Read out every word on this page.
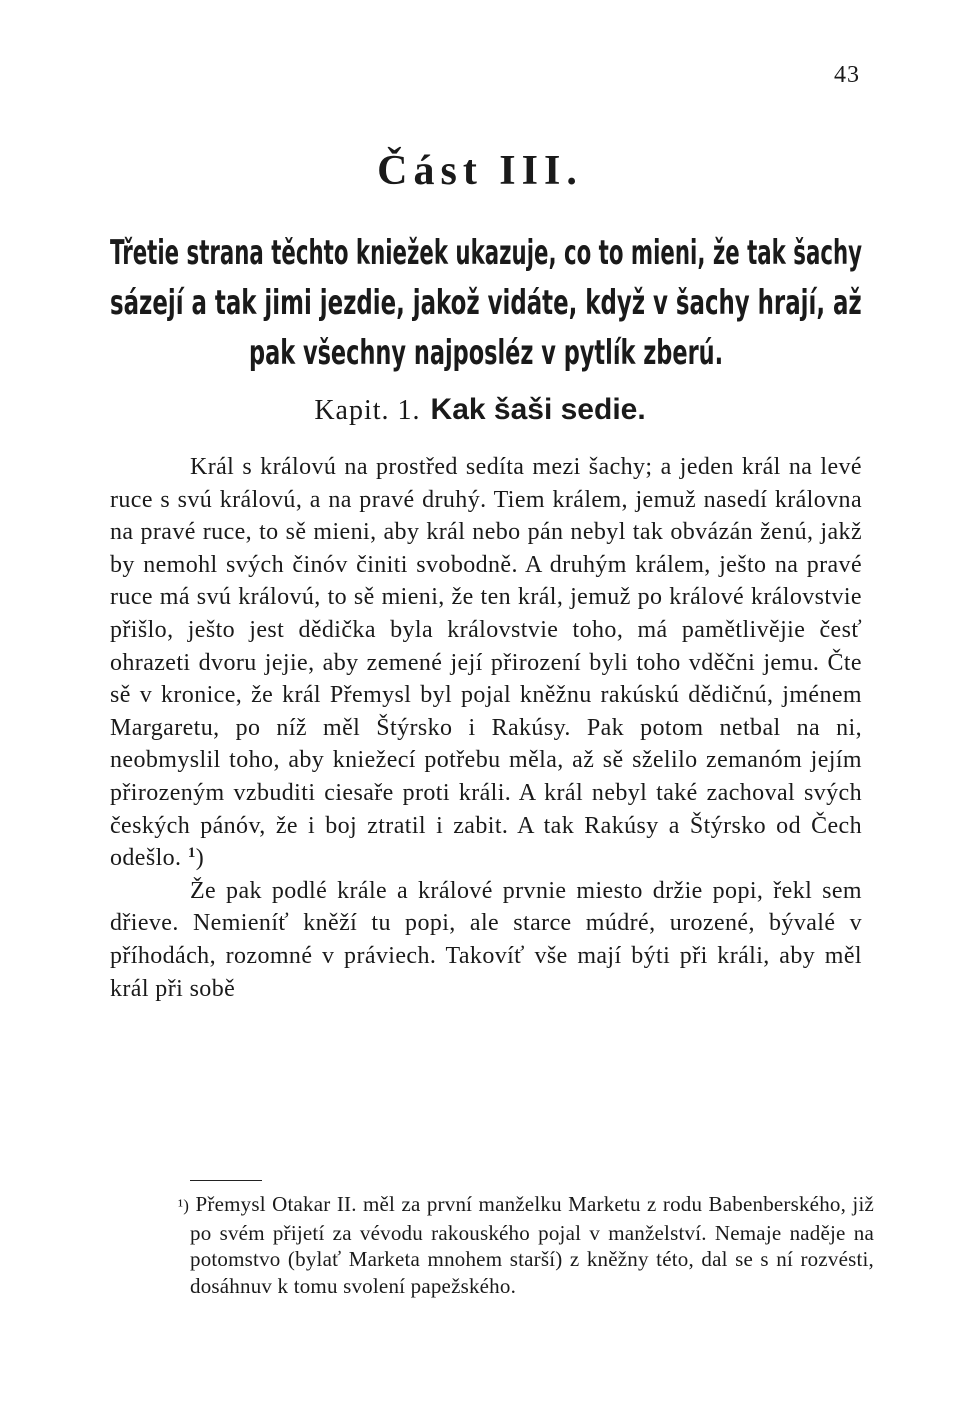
43
Část III.
Třetie strana těchto kniežek ukazuje, co to mieni, že tak šachy
sázejí a tak jimi jezdie, jakož vidáte, když v šachy hrají, až
pak všechny najposléz v pytlík zberú.
Kapit. 1. Kak šaši sedie.

Král s královú na prostřed sedíta mezi šachy; a jeden král na levé ruce s svú královú, a na pravé druhý. Tiem králem, jemuž nasedí královna na pravé ruce, to sě mieni, aby král nebo pán nebyl tak obvázán ženú, jakž by nemohl svých činóv činiti svobodně. A druhým králem, ješto na pravé ruce má svú královú, to sě mieni, že ten král, jemuž po králové královstvie přišlo, ješto jest dědička byla královstvie toho, má pamětlivějie česť ohrazeti dvoru jejie, aby zemené její přirození byli toho vděčni jemu. Čte sě v kronice, že král Přemysl byl pojal kněžnu rakúskú dědičnú, jménem Margaretu, po níž měl Štýrsko i Rakúsy. Pak potom netbal na ni, neobmyslil toho, aby kniežecí potřebu měla, až sě sželilo zemanóm jejím přirozeným vzbuditi ciesaře proti králi. A král nebyl také zachoval svých českých pánóv, že i boj ztratil i zabit. A tak Rakúsy a Štýrsko od Čech odešlo. $^1$)

Že pak podlé krále a králové prvnie miesto držie popi, řekl sem dřieve. Nemieníť kněží tu popi, ale starce múdré, urozené, bývalé v příhodách, rozomné v práviech. Takovíť vše mají býti při králi, aby měl král při sobě

¹) Přemysl Otakar II. měl za první manželku Marketu z rodu Babenberského, již po svém přijetí za vévodu rakouského pojal v manželství. Nemaje naděje na potomstvo (bylať Marketa mnohem starší) z kněžny této, dal se s ní rozvésti, dosáhnuv k tomu svolení papežského.
